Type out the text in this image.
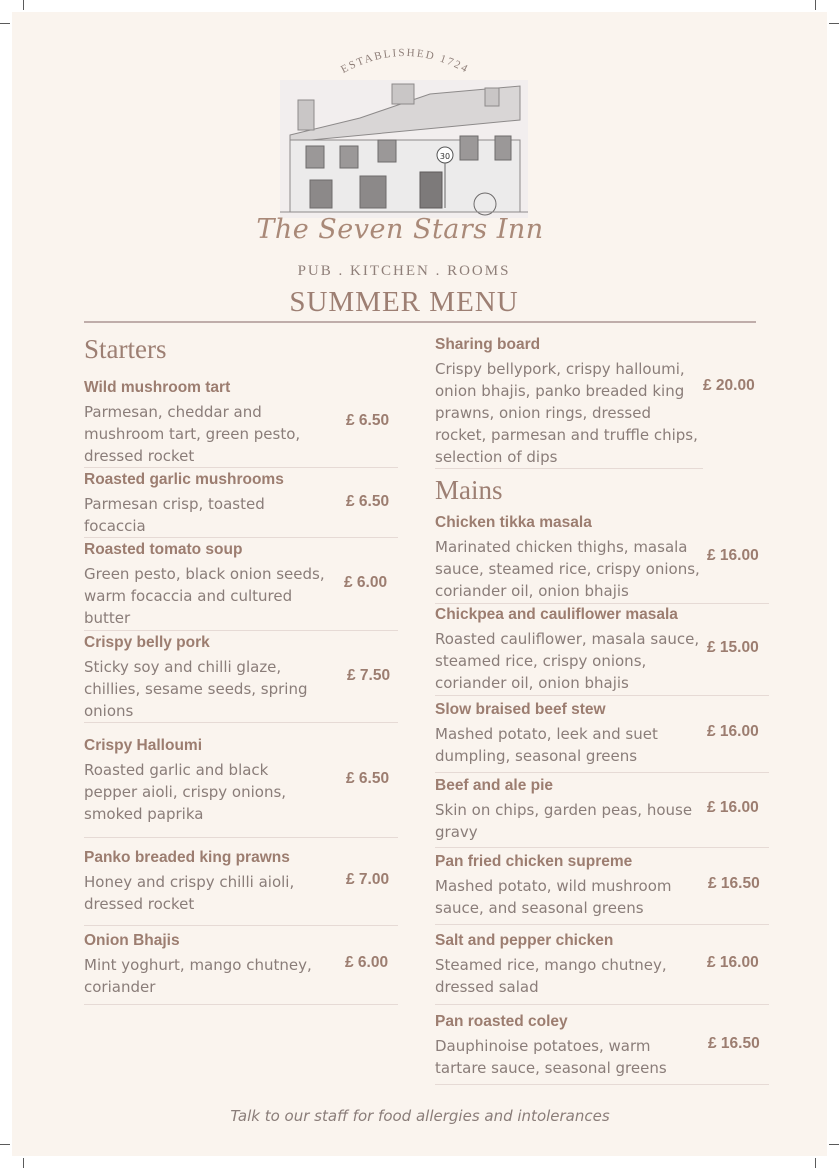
ESTABLISHED 1724
30
The Seven Stars Inn
PUB . KITCHEN . ROOMS
SUMMER MENU
Starters
Wild mushroom tart
Parmesan, cheddar and mushroom tart, green pesto, dressed rocket
£ 6.50
Roasted garlic mushrooms
Parmesan crisp, toasted focaccia
£ 6.50
Roasted tomato soup
Green pesto, black onion seeds, warm focaccia and cultured butter
£ 6.00
Crispy belly pork
Sticky soy and chilli glaze, chillies, sesame seeds, spring onions
£ 7.50
Crispy Halloumi
Roasted garlic and black pepper aioli, crispy onions, smoked paprika
£ 6.50
Panko breaded king prawns
Honey and crispy chilli aioli, dressed rocket
£ 7.00
Onion Bhajis
Mint yoghurt, mango chutney, coriander
£ 6.00
Sharing board
Crispy bellypork, crispy halloumi, onion bhajis, panko breaded king prawns, onion rings, dressed rocket, parmesan and truffle chips, selection of dips
£ 20.00
Mains
Chicken tikka masala
Marinated chicken thighs, masala sauce, steamed rice, crispy onions, coriander oil, onion bhajis
£ 16.00
Chickpea and cauliflower masala
Roasted cauliflower, masala sauce, steamed rice, crispy onions, coriander oil, onion bhajis
£ 15.00
Slow braised beef stew
Mashed potato, leek and suet dumpling, seasonal greens
£ 16.00
Beef and ale pie
Skin on chips, garden peas, house gravy
£ 16.00
Pan fried chicken supreme
Mashed potato, wild mushroom sauce, and seasonal greens
£ 16.50
Salt and pepper chicken
Steamed rice, mango chutney, dressed salad
£ 16.00
Pan roasted coley
Dauphinoise potatoes, warm tartare sauce, seasonal greens
£ 16.50
Talk to our staff for food allergies and intolerances
